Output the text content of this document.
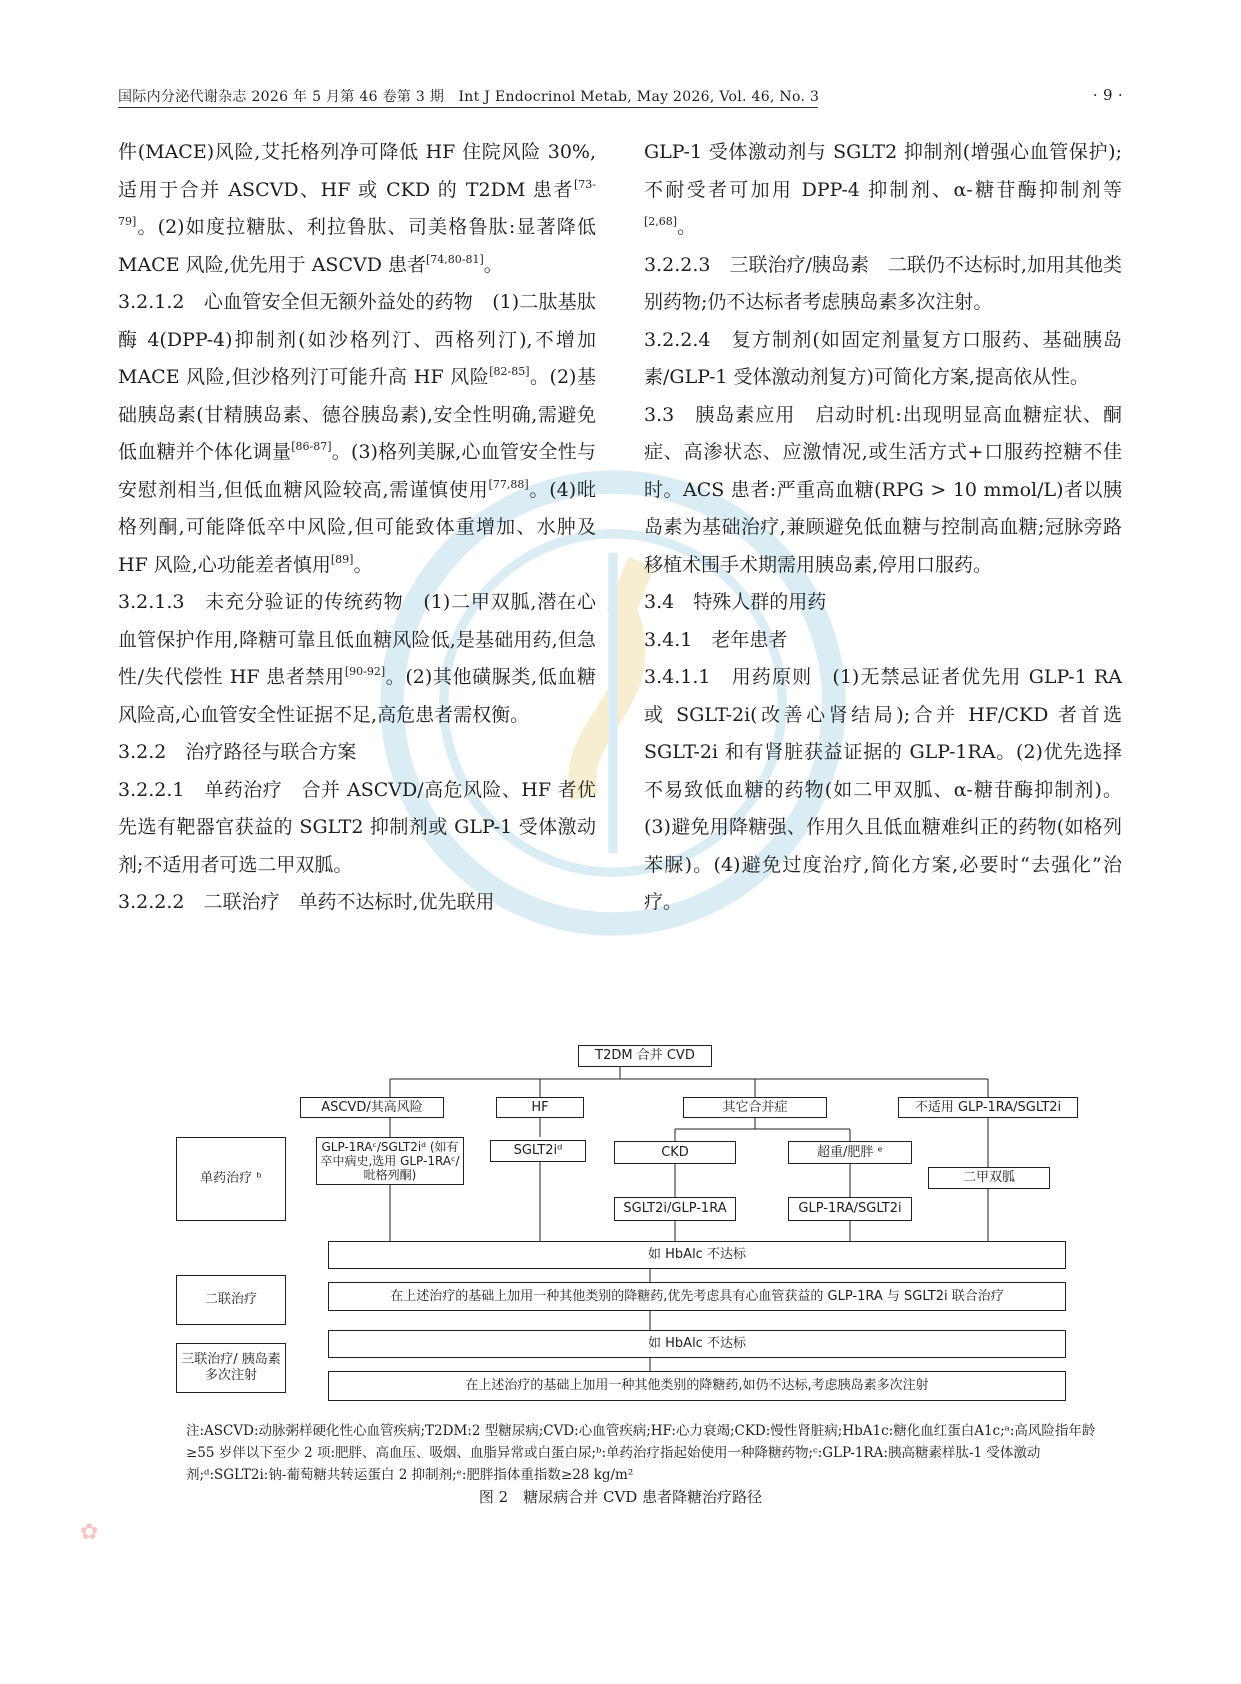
国际内分泌代谢杂志 2026 年 5 月第 46 卷第 3 期　Int J Endocrinol Metab, May 2026, Vol. 46, No. 3	· 9 ·

件(MACE)风险,艾托格列净可降低 HF 住院风险 30%,适用于合并 ASCVD、HF 或 CKD 的 T2DM 患者[73-79]。(2)如度拉糖肽、利拉鲁肽、司美格鲁肽:显著降低 MACE 风险,优先用于 ASCVD 患者[74,80-81]。

3.2.1.2　心血管安全但无额外益处的药物　(1)二肽基肽酶 4(DPP-4)抑制剂(如沙格列汀、西格列汀),不增加 MACE 风险,但沙格列汀可能升高 HF 风险[82-85]。(2)基础胰岛素(甘精胰岛素、德谷胰岛素),安全性明确,需避免低血糖并个体化调量[86-87]。(3)格列美脲,心血管安全性与安慰剂相当,但低血糖风险较高,需谨慎使用[77,88]。(4)吡格列酮,可能降低卒中风险,但可能致体重增加、水肿及 HF 风险,心功能差者慎用[89]。

3.2.1.3　未充分验证的传统药物　(1)二甲双胍,潜在心血管保护作用,降糖可靠且低血糖风险低,是基础用药,但急性/失代偿性 HF 患者禁用[90-92]。(2)其他磺脲类,低血糖风险高,心血管安全性证据不足,高危患者需权衡。

3.2.2　治疗路径与联合方案

3.2.2.1　单药治疗　合并 ASCVD/高危风险、HF 者优先选有靶器官获益的 SGLT2 抑制剂或 GLP-1 受体激动剂;不适用者可选二甲双胍。

3.2.2.2　二联治疗　单药不达标时,优先联用

GLP-1 受体激动剂与 SGLT2 抑制剂(增强心血管保护);不耐受者可加用 DPP-4 抑制剂、α-糖苷酶抑制剂等[2,68]。

3.2.2.3　三联治疗/胰岛素　二联仍不达标时,加用其他类别药物;仍不达标者考虑胰岛素多次注射。

3.2.2.4　复方制剂(如固定剂量复方口服药、基础胰岛素/GLP-1 受体激动剂复方)可简化方案,提高依从性。

3.3　胰岛素应用　启动时机:出现明显高血糖症状、酮症、高渗状态、应激情况,或生活方式+口服药控糖不佳时。ACS 患者:严重高血糖(RPG > 10 mmol/L)者以胰岛素为基础治疗,兼顾避免低血糖与控制高血糖;冠脉旁路移植术围手术期需用胰岛素,停用口服药。

3.4　特殊人群的用药

3.4.1　老年患者

3.4.1.1　用药原则　(1)无禁忌证者优先用 GLP-1 RA 或 SGLT-2i(改善心肾结局);合并 HF/CKD 者首选 SGLT-2i 和有肾脏获益证据的 GLP-1RA。(2)优先选择不易致低血糖的药物(如二甲双胍、α-糖苷酶抑制剂)。(3)避免用降糖强、作用久且低血糖难纠正的药物(如格列苯脲)。(4)避免过度治疗,简化方案,必要时“去强化”治疗。

T2DM 合并 CVD
ASCVD/其高风险	HF	其它合并症	不适用 GLP-1RA/SGLT2i
GLP-1RAᶜ/SGLT2iᵈ (如有卒中病史,选用 GLP-1RAᶜ/吡格列酮)
SGLT2iᵈ	CKD	超重/肥胖 ᵉ
SGLT2i/GLP-1RA	GLP-1RA/SGLT2i
二甲双胍
单药治疗 ᵇ
二联治疗
三联治疗/ 胰岛素多次注射
如 HbAlc 不达标
在上述治疗的基础上加用一种其他类别的降糖药,优先考虑具有心血管获益的 GLP-1RA 与 SGLT2i 联合治疗
如 HbAlc 不达标
在上述治疗的基础上加用一种其他类别的降糖药,如仍不达标,考虑胰岛素多次注射
注:ASCVD:动脉粥样硬化性心血管疾病;T2DM:2 型糖尿病;CVD:心血管疾病;HF:心力衰竭;CKD:慢性肾脏病;HbA1c:糖化血红蛋白A1c;ᵃ:高风险指年龄≥55 岁伴以下至少 2 项:肥胖、高血压、吸烟、血脂异常或白蛋白尿;ᵇ:单药治疗指起始使用一种降糖药物;ᶜ:GLP-1RA:胰高糖素样肽-1 受体激动剂;ᵈ:SGLT2i:钠-葡萄糖共转运蛋白 2 抑制剂;ᵉ:肥胖指体重指数≥28 kg/m²
图 2　糖尿病合并 CVD 患者降糖治疗路径
✿
